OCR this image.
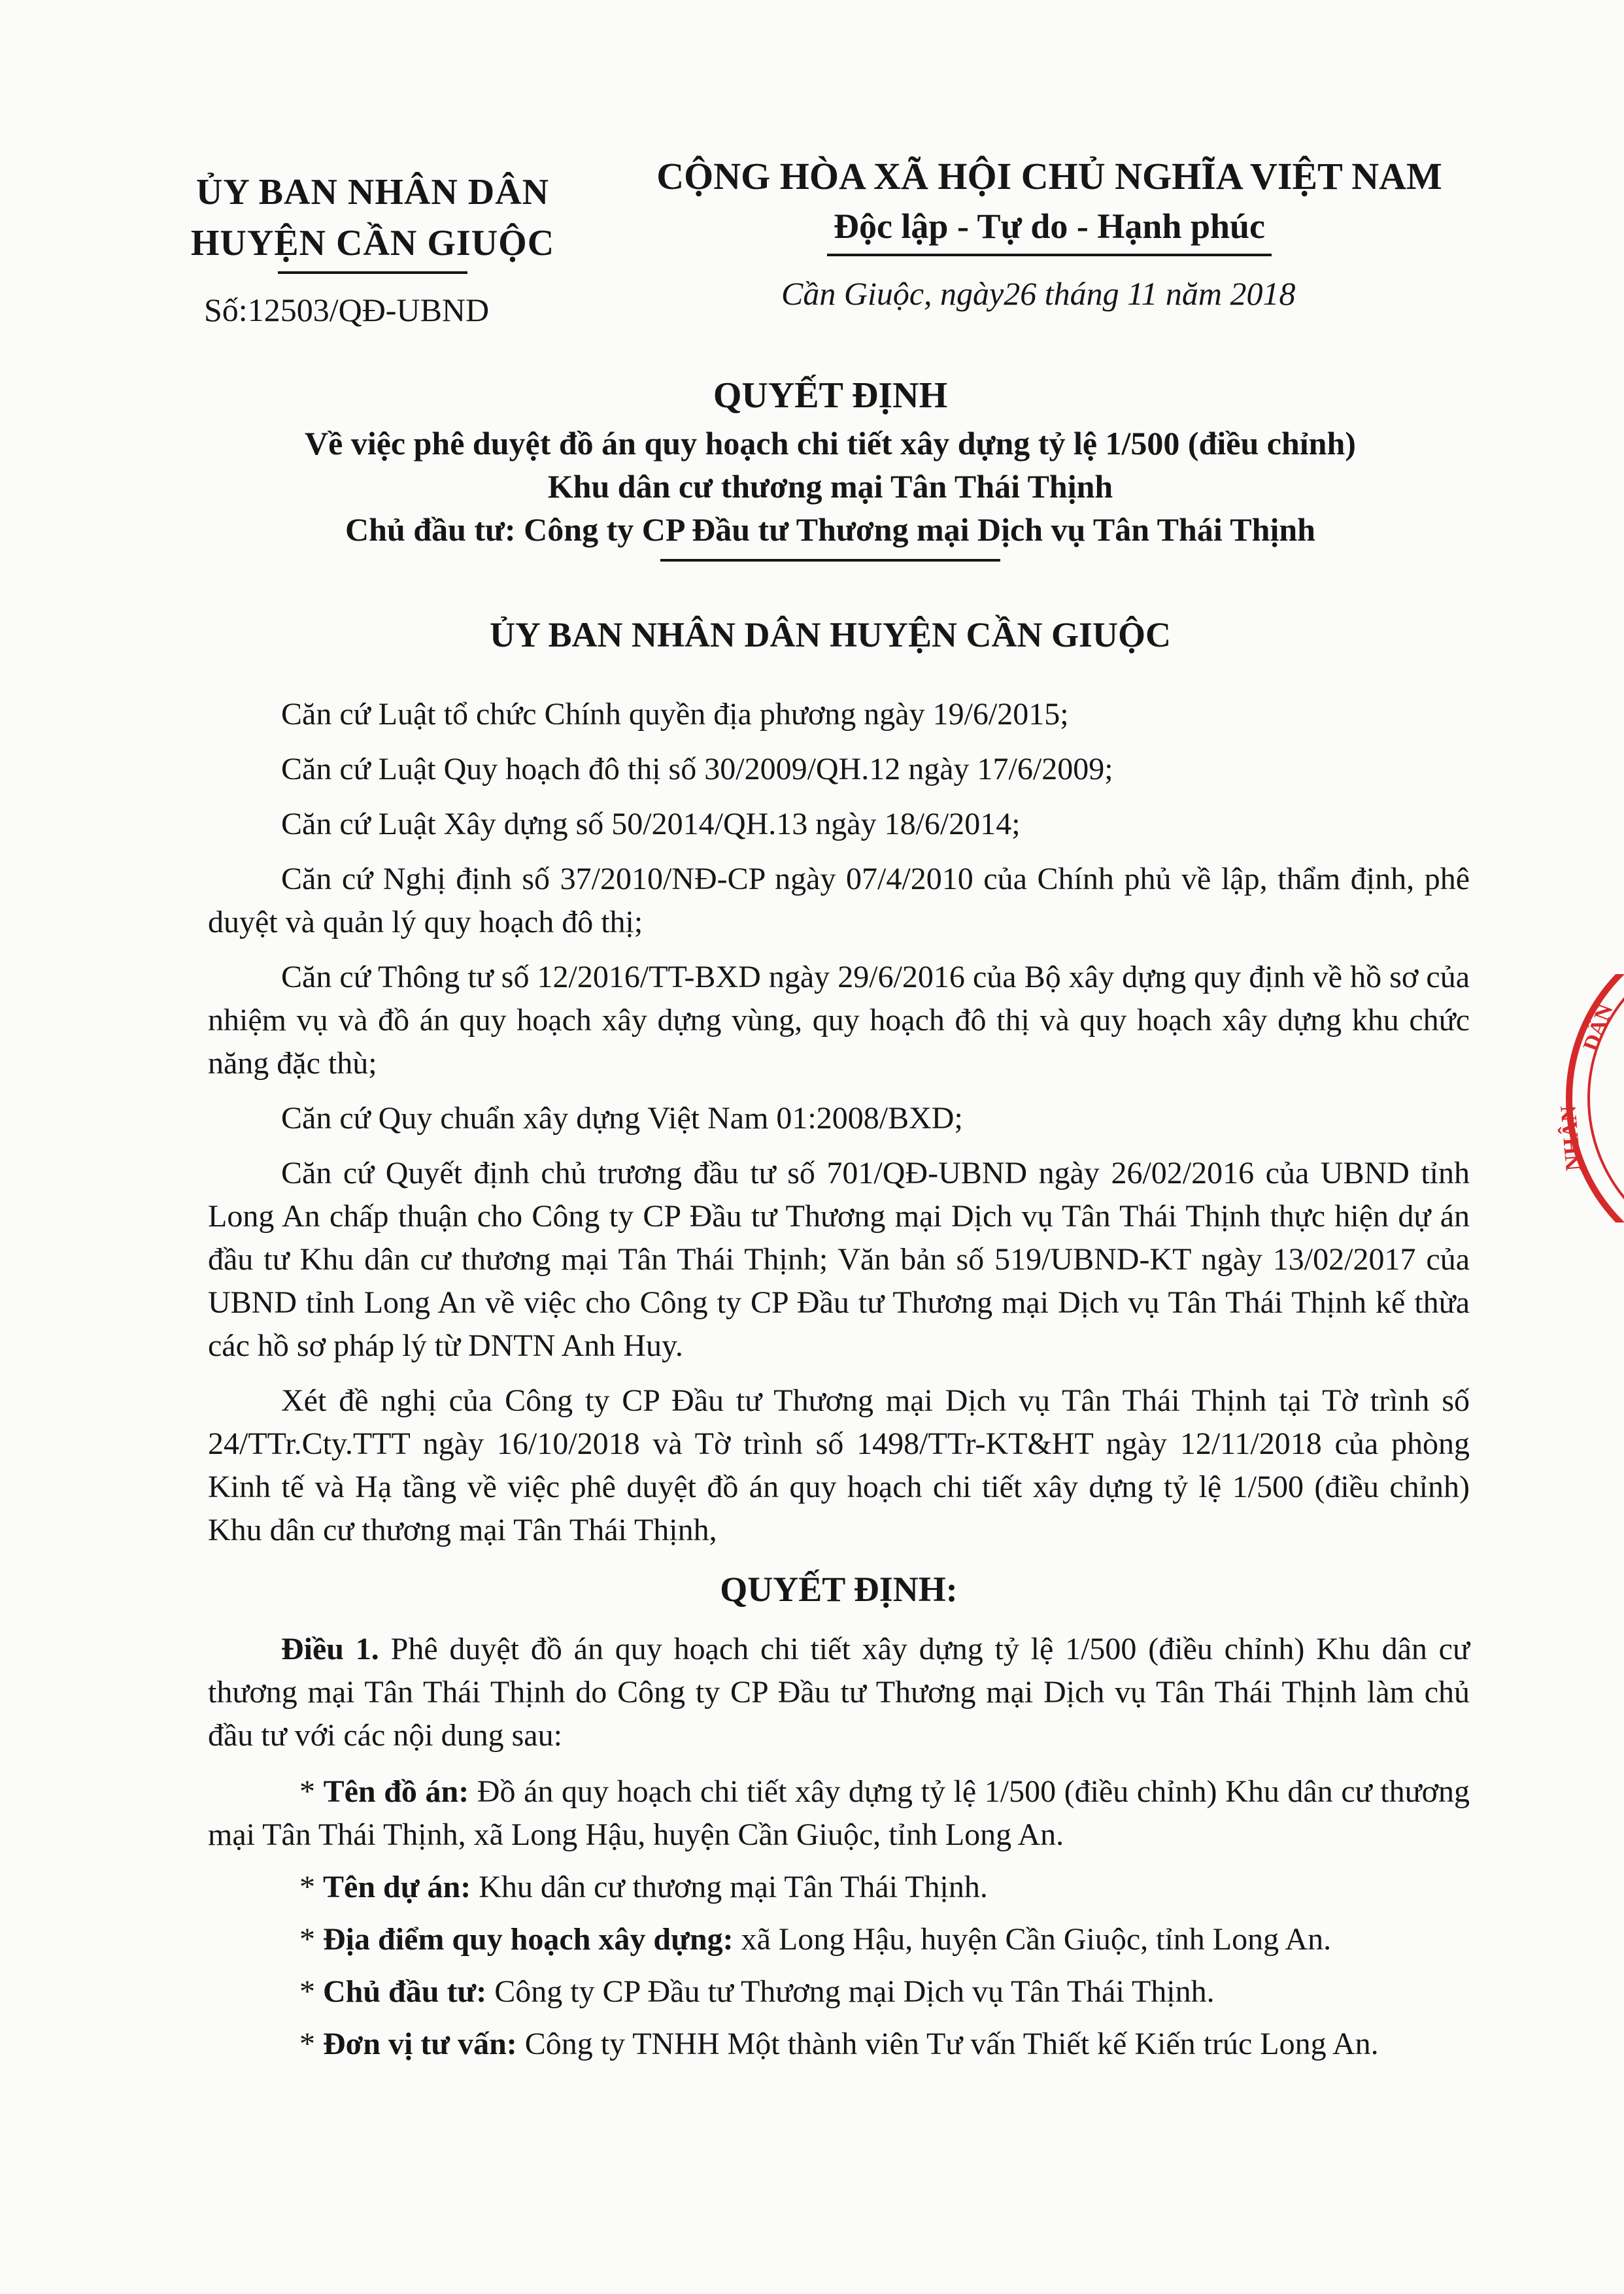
ỦY BAN NHÂN DÂN
HUYỆN CẦN GIUỘC
Số:12503/QĐ-UBND
CỘNG HÒA XÃ HỘI CHỦ NGHĨA VIỆT NAM
Độc lập - Tự do - Hạnh phúc
Cần Giuộc, ngày26 tháng 11 năm 2018
QUYẾT ĐỊNH
Về việc phê duyệt đồ án quy hoạch chi tiết xây dựng tỷ lệ 1/500 (điều chỉnh)
Khu dân cư thương mại Tân Thái Thịnh
Chủ đầu tư: Công ty CP Đầu tư Thương mại Dịch vụ Tân Thái Thịnh
ỦY BAN NHÂN DÂN HUYỆN CẦN GIUỘC

Căn cứ Luật tổ chức Chính quyền địa phương ngày 19/6/2015;

Căn cứ Luật Quy hoạch đô thị số 30/2009/QH.12 ngày 17/6/2009;

Căn cứ Luật Xây dựng số 50/2014/QH.13 ngày 18/6/2014;

Căn cứ Nghị định số 37/2010/NĐ-CP ngày 07/4/2010 của Chính phủ về lập, thẩm định, phê duyệt và quản lý quy hoạch đô thị;

Căn cứ Thông tư số 12/2016/TT-BXD ngày 29/6/2016 của Bộ xây dựng quy định về hồ sơ của nhiệm vụ và đồ án quy hoạch xây dựng vùng, quy hoạch đô thị và quy hoạch xây dựng khu chức năng đặc thù;

Căn cứ Quy chuẩn xây dựng Việt Nam 01:2008/BXD;

Căn cứ Quyết định chủ trương đầu tư số 701/QĐ-UBND ngày 26/02/2016 của UBND tỉnh Long An chấp thuận cho Công ty CP Đầu tư Thương mại Dịch vụ Tân Thái Thịnh thực hiện dự án đầu tư Khu dân cư thương mại Tân Thái Thịnh; Văn bản số 519/UBND-KT ngày 13/02/2017 của UBND tỉnh Long An về việc cho Công ty CP Đầu tư Thương mại Dịch vụ Tân Thái Thịnh kế thừa các hồ sơ pháp lý từ DNTN Anh Huy.

Xét đề nghị của Công ty CP Đầu tư Thương mại Dịch vụ Tân Thái Thịnh tại Tờ trình số 24/TTr.Cty.TTT ngày 16/10/2018 và Tờ trình số 1498/TTr-KT&HT ngày 12/11/2018 của phòng Kinh tế và Hạ tầng về việc phê duyệt đồ án quy hoạch chi tiết xây dựng tỷ lệ 1/500 (điều chỉnh) Khu dân cư thương mại Tân Thái Thịnh,

QUYẾT ĐỊNH:

Điều 1. Phê duyệt đồ án quy hoạch chi tiết xây dựng tỷ lệ 1/500 (điều chỉnh) Khu dân cư thương mại Tân Thái Thịnh do Công ty CP Đầu tư Thương mại Dịch vụ Tân Thái Thịnh làm chủ đầu tư với các nội dung sau:

* Tên đồ án: Đồ án quy hoạch chi tiết xây dựng tỷ lệ 1/500 (điều chỉnh) Khu dân cư thương mại Tân Thái Thịnh, xã Long Hậu, huyện Cần Giuộc, tỉnh Long An.

* Tên dự án: Khu dân cư thương mại Tân Thái Thịnh.

* Địa điểm quy hoạch xây dựng: xã Long Hậu, huyện Cần Giuộc, tỉnh Long An.

* Chủ đầu tư: Công ty CP Đầu tư Thương mại Dịch vụ Tân Thái Thịnh.

* Đơn vị tư vấn: Công ty TNHH Một thành viên Tư vấn Thiết kế Kiến trúc Long An.

DÂN
NHÂN
